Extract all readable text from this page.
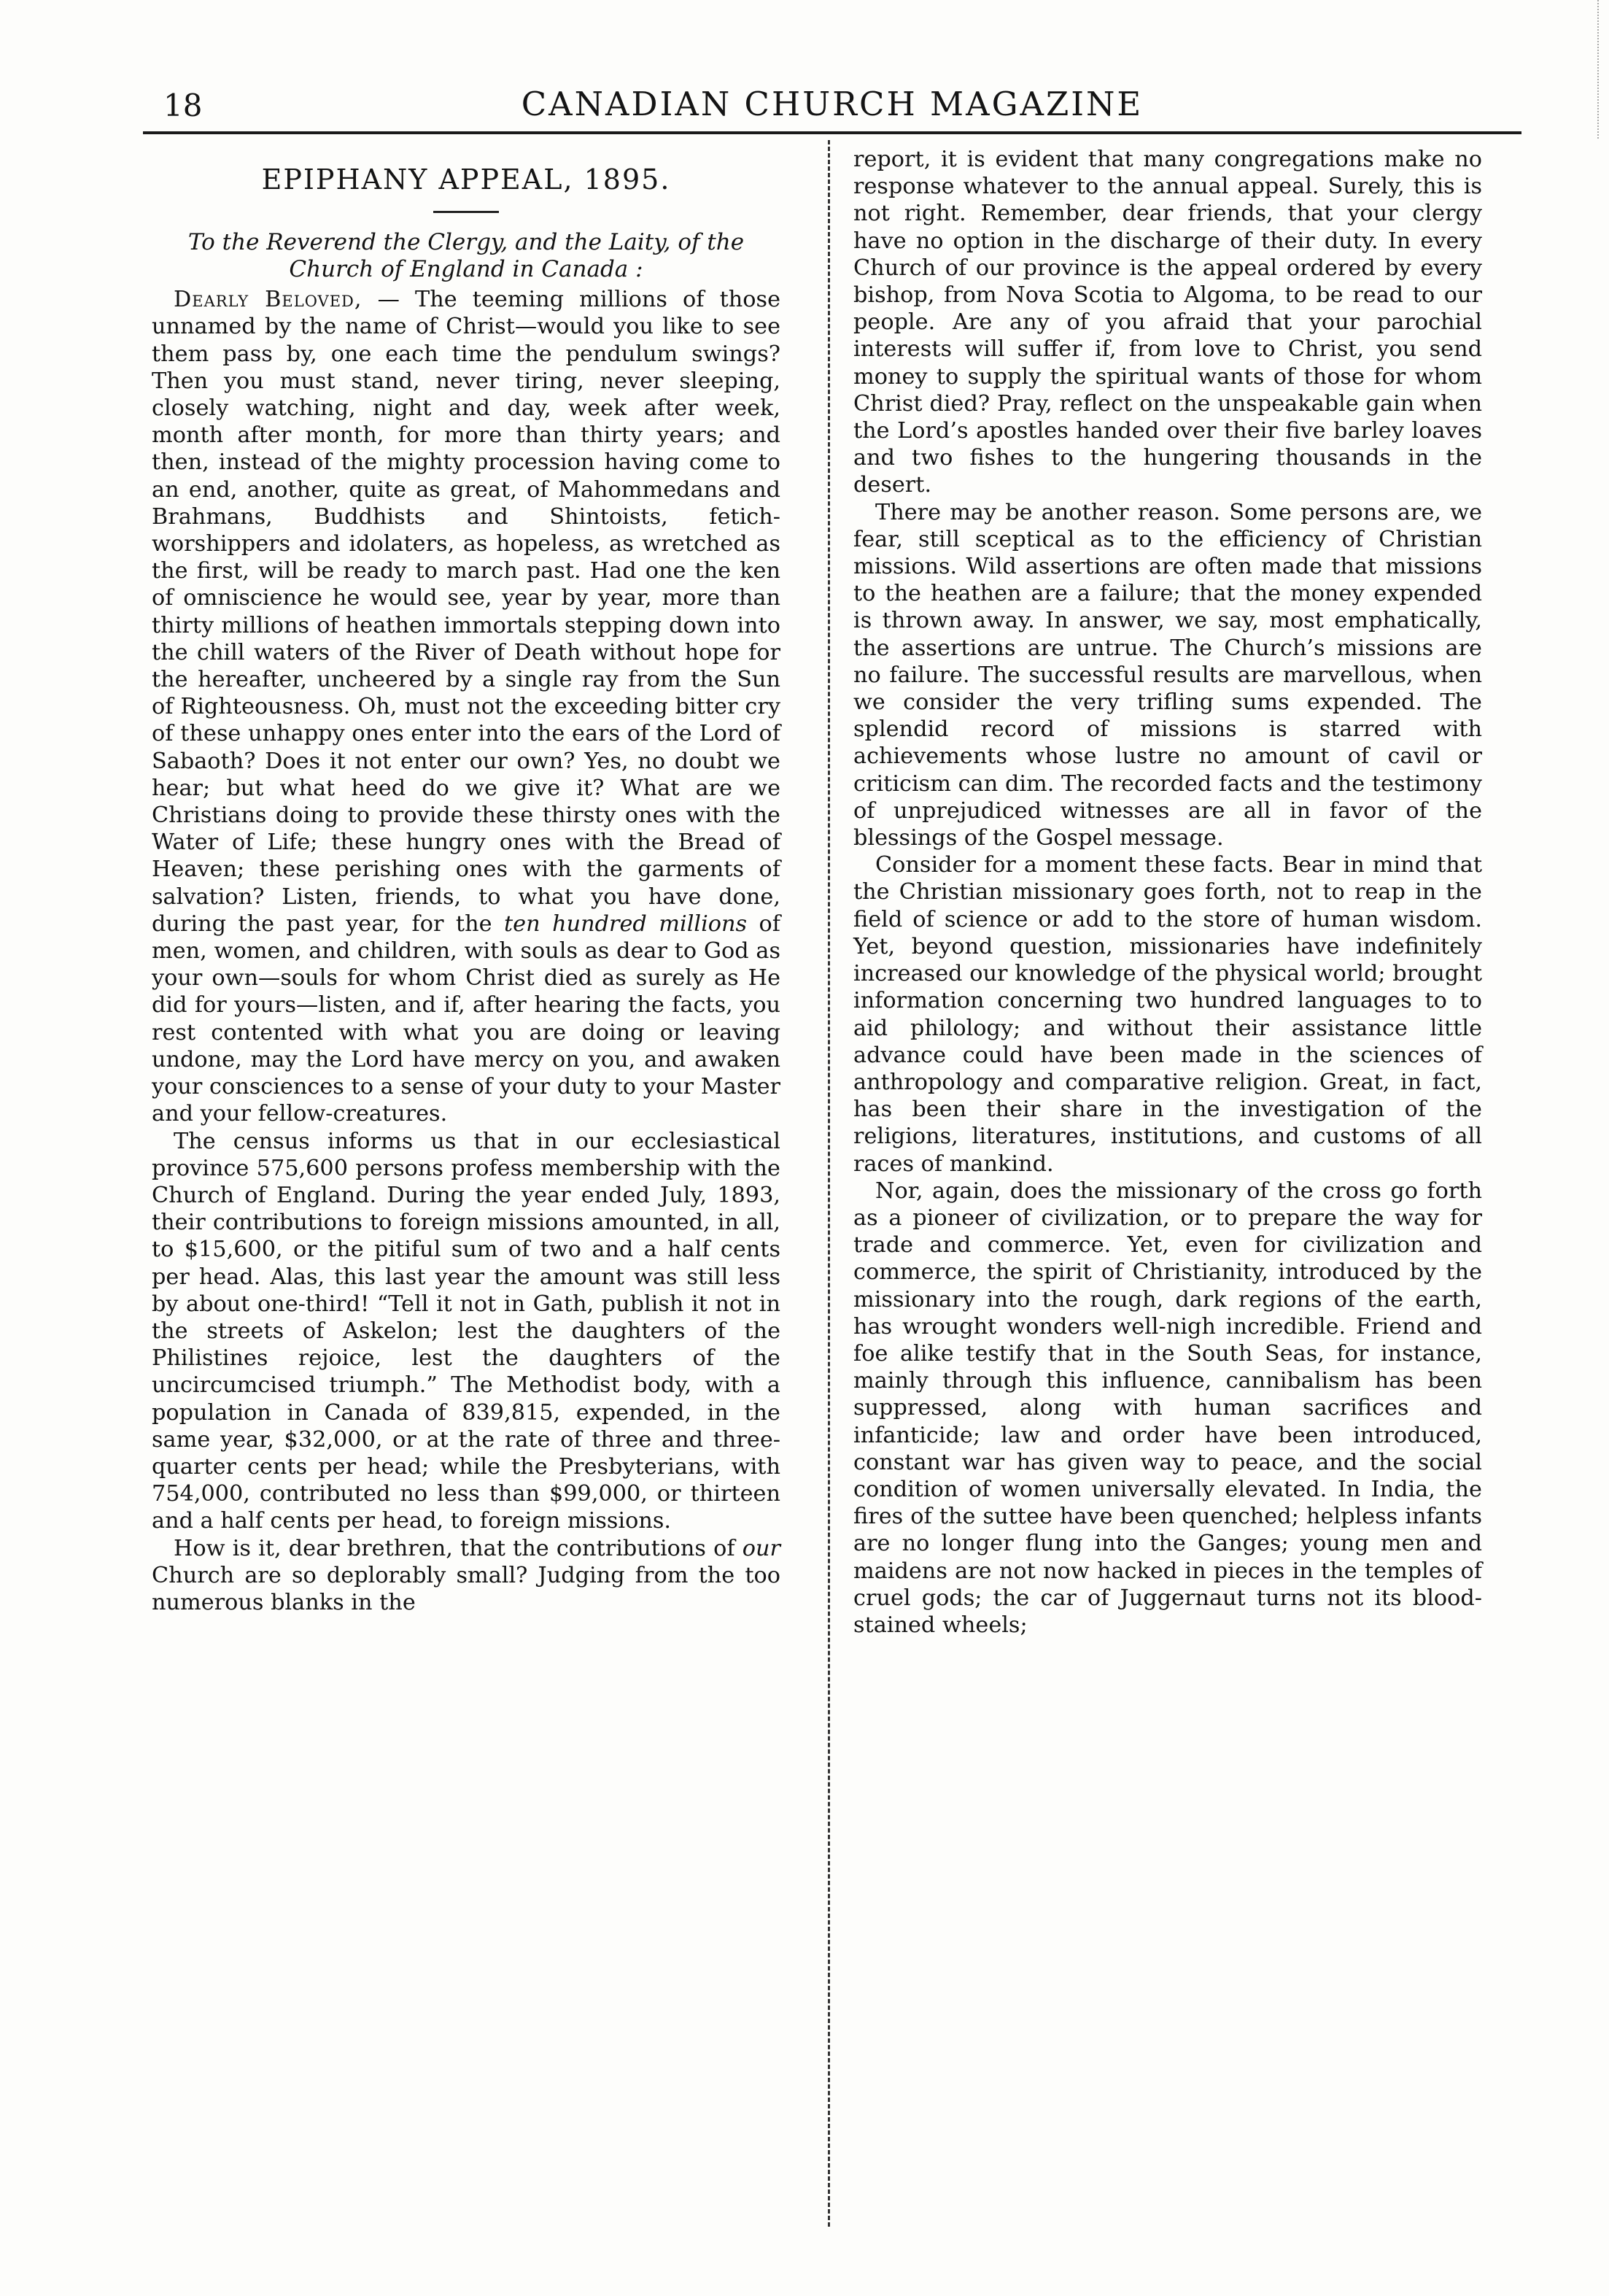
18	CANADIAN CHURCH MAGAZINE
EPIPHANY APPEAL, 1895.

To the Reverend the Clergy, and the Laity, of the Church of England in Canada :

Dearly Beloved, — The teeming millions of those unnamed by the name of Christ—would you like to see them pass by, one each time the pendulum swings? Then you must stand, never tiring, never sleeping, closely watching, night and day, week after week, month after month, for more than thirty years; and then, instead of the mighty procession having come to an end, another, quite as great, of Mahommedans and Brahmans, Buddhists and Shintoists, fetich-worshippers and idolaters, as hopeless, as wretched as the first, will be ready to march past. Had one the ken of omniscience he would see, year by year, more than thirty millions of heathen immortals stepping down into the chill waters of the River of Death without hope for the hereafter, uncheered by a single ray from the Sun of Righteousness. Oh, must not the exceeding bitter cry of these unhappy ones enter into the ears of the Lord of Sabaoth? Does it not enter our own? Yes, no doubt we hear; but what heed do we give it? What are we Christians doing to provide these thirsty ones with the Water of Life; these hungry ones with the Bread of Heaven; these perishing ones with the garments of salvation? Listen, friends, to what you have done, during the past year, for the ten hundred millions of men, women, and children, with souls as dear to God as your own—souls for whom Christ died as surely as He did for yours—listen, and if, after hearing the facts, you rest contented with what you are doing or leaving undone, may the Lord have mercy on you, and awaken your consciences to a sense of your duty to your Master and your fellow-creatures.

The census informs us that in our ecclesiastical province 575,600 persons profess membership with the Church of England. During the year ended July, 1893, their contributions to foreign missions amounted, in all, to $15,600, or the pitiful sum of two and a half cents per head. Alas, this last year the amount was still less by about one-third! “Tell it not in Gath, publish it not in the streets of Askelon; lest the daughters of the Philistines rejoice, lest the daughters of the uncircumcised triumph.” The Methodist body, with a population in Canada of 839,815, expended, in the same year, $32,000, or at the rate of three and three-quarter cents per head; while the Presbyterians, with 754,000, contributed no less than $99,000, or thirteen and a half cents per head, to foreign missions.

How is it, dear brethren, that the contributions of our Church are so deplorably small? Judging from the too numerous blanks in the

report, it is evident that many congregations make no response whatever to the annual appeal. Surely, this is not right. Remember, dear friends, that your clergy have no option in the discharge of their duty. In every Church of our province is the appeal ordered by every bishop, from Nova Scotia to Algoma, to be read to our people. Are any of you afraid that your parochial interests will suffer if, from love to Christ, you send money to supply the spiritual wants of those for whom Christ died? Pray, reflect on the unspeakable gain when the Lord’s apostles handed over their five barley loaves and two fishes to the hungering thousands in the desert.

There may be another reason. Some persons are, we fear, still sceptical as to the efficiency of Christian missions. Wild assertions are often made that missions to the heathen are a failure; that the money expended is thrown away. In answer, we say, most emphatically, the assertions are untrue. The Church’s missions are no failure. The successful results are marvellous, when we consider the very trifling sums expended. The splendid record of missions is starred with achievements whose lustre no amount of cavil or criticism can dim. The recorded facts and the testimony of unprejudiced witnesses are all in favor of the blessings of the Gospel message.

Consider for a moment these facts. Bear in mind that the Christian missionary goes forth, not to reap in the field of science or add to the store of human wisdom. Yet, beyond question, missionaries have indefinitely increased our knowledge of the physical world; brought information concerning two hundred languages to to aid philology; and without their assistance little advance could have been made in the sciences of anthropology and comparative religion. Great, in fact, has been their share in the investigation of the religions, literatures, institutions, and customs of all races of mankind.

Nor, again, does the missionary of the cross go forth as a pioneer of civilization, or to prepare the way for trade and commerce. Yet, even for civilization and commerce, the spirit of Christianity, introduced by the missionary into the rough, dark regions of the earth, has wrought wonders well-nigh incredible. Friend and foe alike testify that in the South Seas, for instance, mainly through this influence, cannibalism has been suppressed, along with human sacrifices and infanticide; law and order have been introduced, constant war has given way to peace, and the social condition of women universally elevated. In India, the fires of the suttee have been quenched; helpless infants are no longer flung into the Ganges; young men and maidens are not now hacked in pieces in the temples of cruel gods; the car of Juggernaut turns not its blood-stained wheels;
